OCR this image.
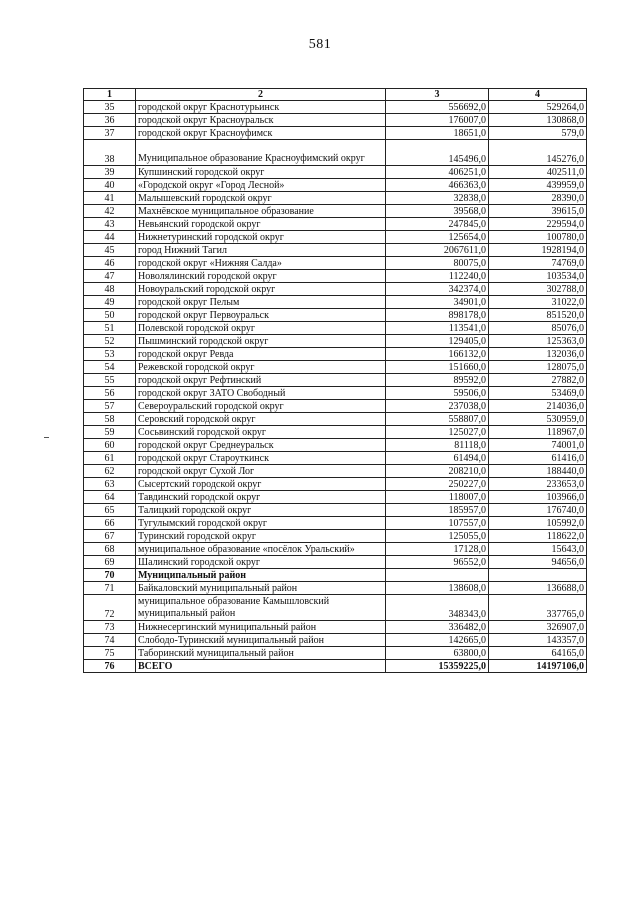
581
1	2	3	4
35	городской округ Краснотурьинск	556692,0	529264,0
36	городской округ Красноуральск	176007,0	130868,0
37	городской округ Красноуфимск	18651,0	579,0
38	Муниципальное образование Красноуфимский округ	145496,0	145276,0
39	Купшинский городской округ	406251,0	402511,0
40	«Городской округ «Город Лесной»	466363,0	439959,0
41	Малышевский городской округ	32838,0	28390,0
42	Махнёвское муниципальное образование	39568,0	39615,0
43	Невьянский городской округ	247845,0	229594,0
44	Нижнетуринский городской округ	125654,0	100780,0
45	город Нижний Тагил	2067611,0	1928194,0
46	городской округ «Нижняя Салда»	80075,0	74769,0
47	Новолялинский городской округ	112240,0	103534,0
48	Новоуральский городской округ	342374,0	302788,0
49	городской округ Пелым	34901,0	31022,0
50	городской округ Первоуральск	898178,0	851520,0
51	Полевской городской округ	113541,0	85076,0
52	Пышминский городской округ	129405,0	125363,0
53	городской округ Ревда	166132,0	132036,0
54	Режевской городской округ	151660,0	128075,0
55	городской округ Рефтинский	89592,0	27882,0
56	городской округ ЗАТО Свободный	59506,0	53469,0
57	Североуральский городской округ	237038,0	214036,0
58	Серовский городской округ	558807,0	530959,0
59	Сосьвинский городской округ	125027,0	118967,0
60	городской округ Среднеуральск	81118,0	74001,0
61	городской округ Староуткинск	61494,0	61416,0
62	городской округ Сухой Лог	208210,0	188440,0
63	Сысертский городской округ	250227,0	233653,0
64	Тавдинский городской округ	118007,0	103966,0
65	Талицкий городской округ	185957,0	176740,0
66	Тугулымский городской округ	107557,0	105992,0
67	Туринский городской округ	125055,0	118622,0
68	муниципальное образование «посёлок Уральский»	17128,0	15643,0
69	Шалинский городской округ	96552,0	94656,0
70	Муниципальный район		
71	Байкаловский муниципальный район	138608,0	136688,0
72	муниципальное образование Камышловский муниципальный район	348343,0	337765,0
73	Нижнесергинский муниципальный район	336482,0	326907,0
74	Слободо-Туринский муниципальный район	142665,0	143357,0
75	Таборинский муниципальный район	63800,0	64165,0
76	ВСЕГО	15359225,0	14197106,0
